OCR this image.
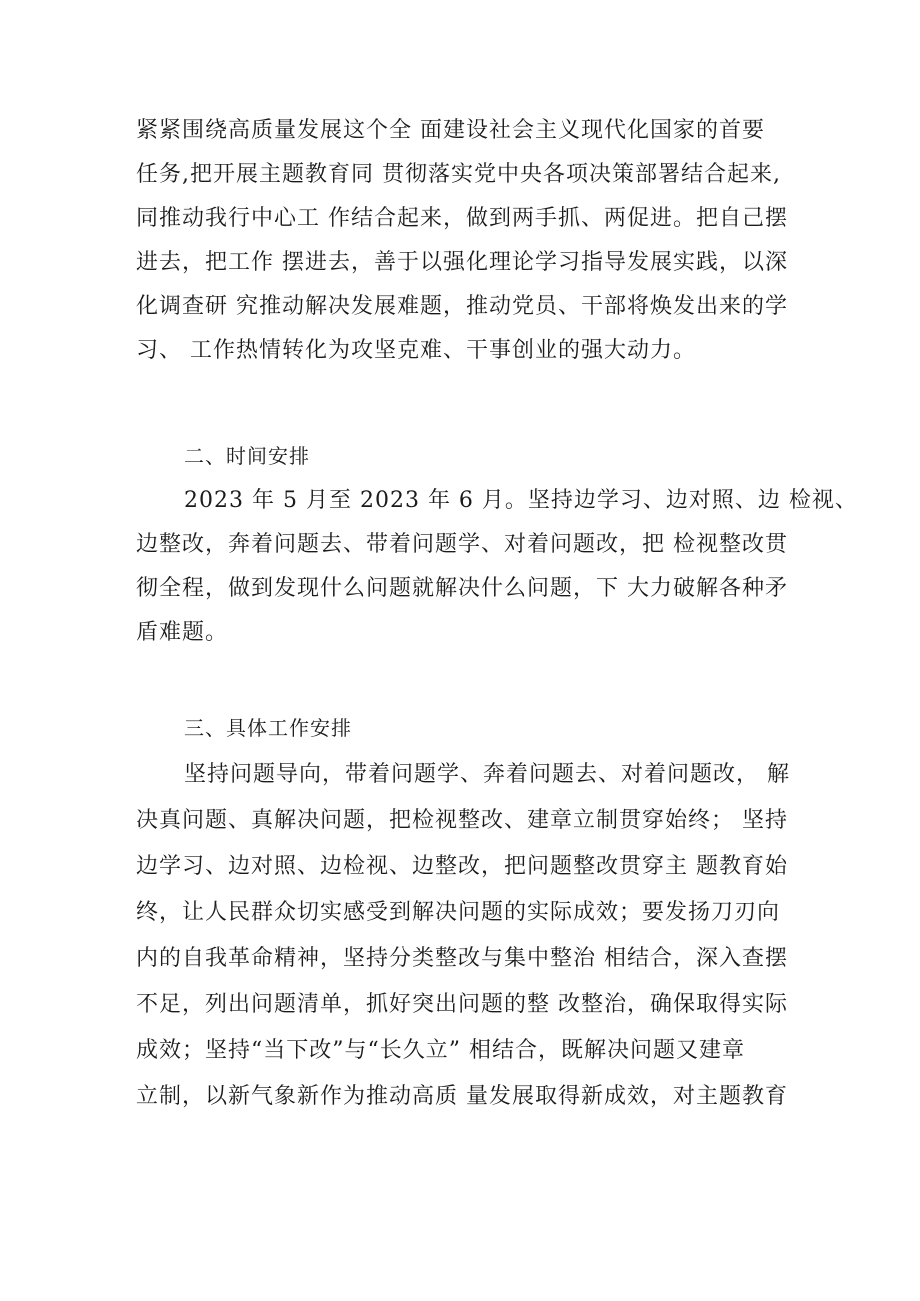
紧紧围绕高质量发展这个全 面建设社会主义现代化国家的首要
任务,把开展主题教育同 贯彻落实党中央各项决策部署结合起来,
同推动我行中心工 作结合起来，做到两手抓、两促进。把自己摆
进去，把工作 摆进去，善于以强化理论学习指导发展实践，以深
化调查研 究推动解决发展难题，推动党员、干部将焕发出来的学
习、 工作热情转化为攻坚克难、干事创业的强大动力。
二、时间安排
2023 年 5 月至 2023 年 6 月。坚持边学习、边对照、边 检视、
边整改，奔着问题去、带着问题学、对着问题改，把 检视整改贯
彻全程，做到发现什么问题就解决什么问题，下 大力破解各种矛
盾难题。
三、具体工作安排
坚持问题导向，带着问题学、奔着问题去、对着问题改， 解
决真问题、真解决问题，把检视整改、建章立制贯穿始终； 坚持
边学习、边对照、边检视、边整改，把问题整改贯穿主 题教育始
终，让人民群众切实感受到解决问题的实际成效；要发扬刀刃向
内的自我革命精神，坚持分类整改与集中整治 相结合，深入查摆
不足，列出问题清单，抓好突出问题的整 改整治，确保取得实际
成效；坚持“当下改”与“长久立” 相结合，既解决问题又建章
立制，以新气象新作为推动高质 量发展取得新成效，对主题教育
